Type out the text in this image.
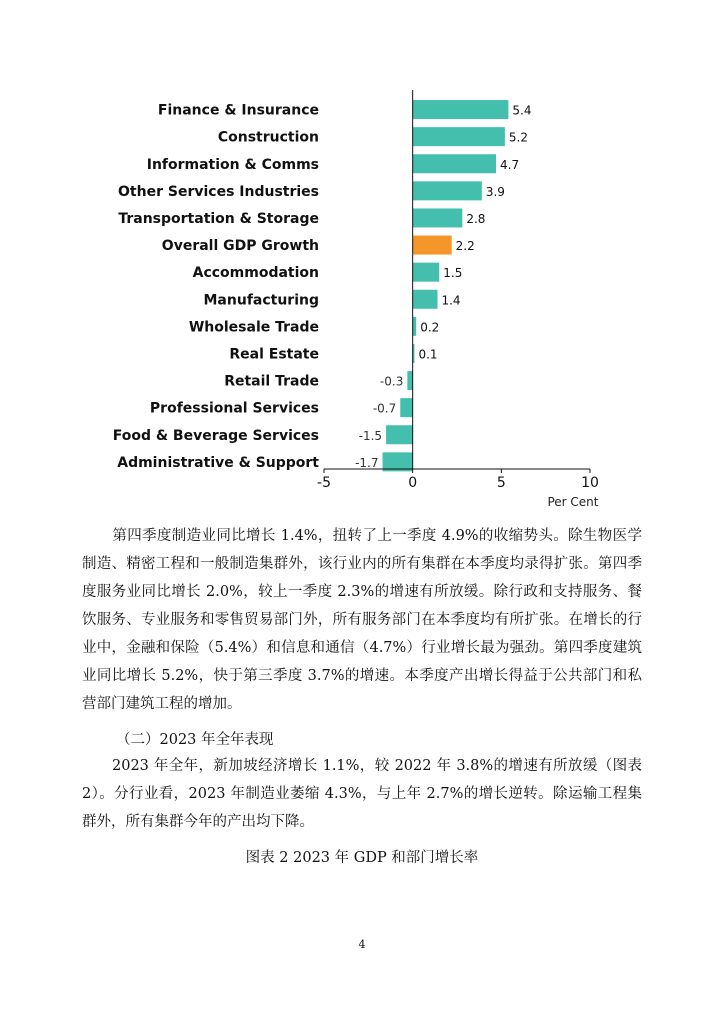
Finance & Insurance	5.4
Construction	5.2
Information & Comms	4.7
Other Services Industries	3.9
Transportation & Storage	2.8
Overall GDP Growth	2.2
Accommodation	1.5
Manufacturing	1.4
Wholesale Trade	0.2
Real Estate	0.1
Retail Trade	-0.3
Professional Services	-0.7
Food & Beverage Services	-1.5
Administrative & Support	-1.7
-5	0	5	10
Per Cent
第四季度制造业同比增长 1.4%，扭转了上一季度 4.9%的收缩势头。除生物医学制造、精密工程和一般制造集群外，该行业内的所有集群在本季度均录得扩张。第四季度服务业同比增长 2.0%，较上一季度 2.3%的增速有所放缓。除行政和支持服务、餐饮服务、专业服务和零售贸易部门外，所有服务部门在本季度均有所扩张。在增长的行业中，金融和保险（5.4%）和信息和通信（4.7%）行业增长最为强劲。第四季度建筑业同比增长 5.2%，快于第三季度 3.7%的增速。本季度产出增长得益于公共部门和私营部门建筑工程的增加。
（二）2023 年全年表现
2023 年全年，新加坡经济增长 1.1%，较 2022 年 3.8%的增速有所放缓（图表 2）。分行业看，2023 年制造业萎缩 4.3%，与上年 2.7%的增长逆转。除运输工程集群外，所有集群今年的产出均下降。
图表 2 2023 年 GDP 和部门增长率
4
